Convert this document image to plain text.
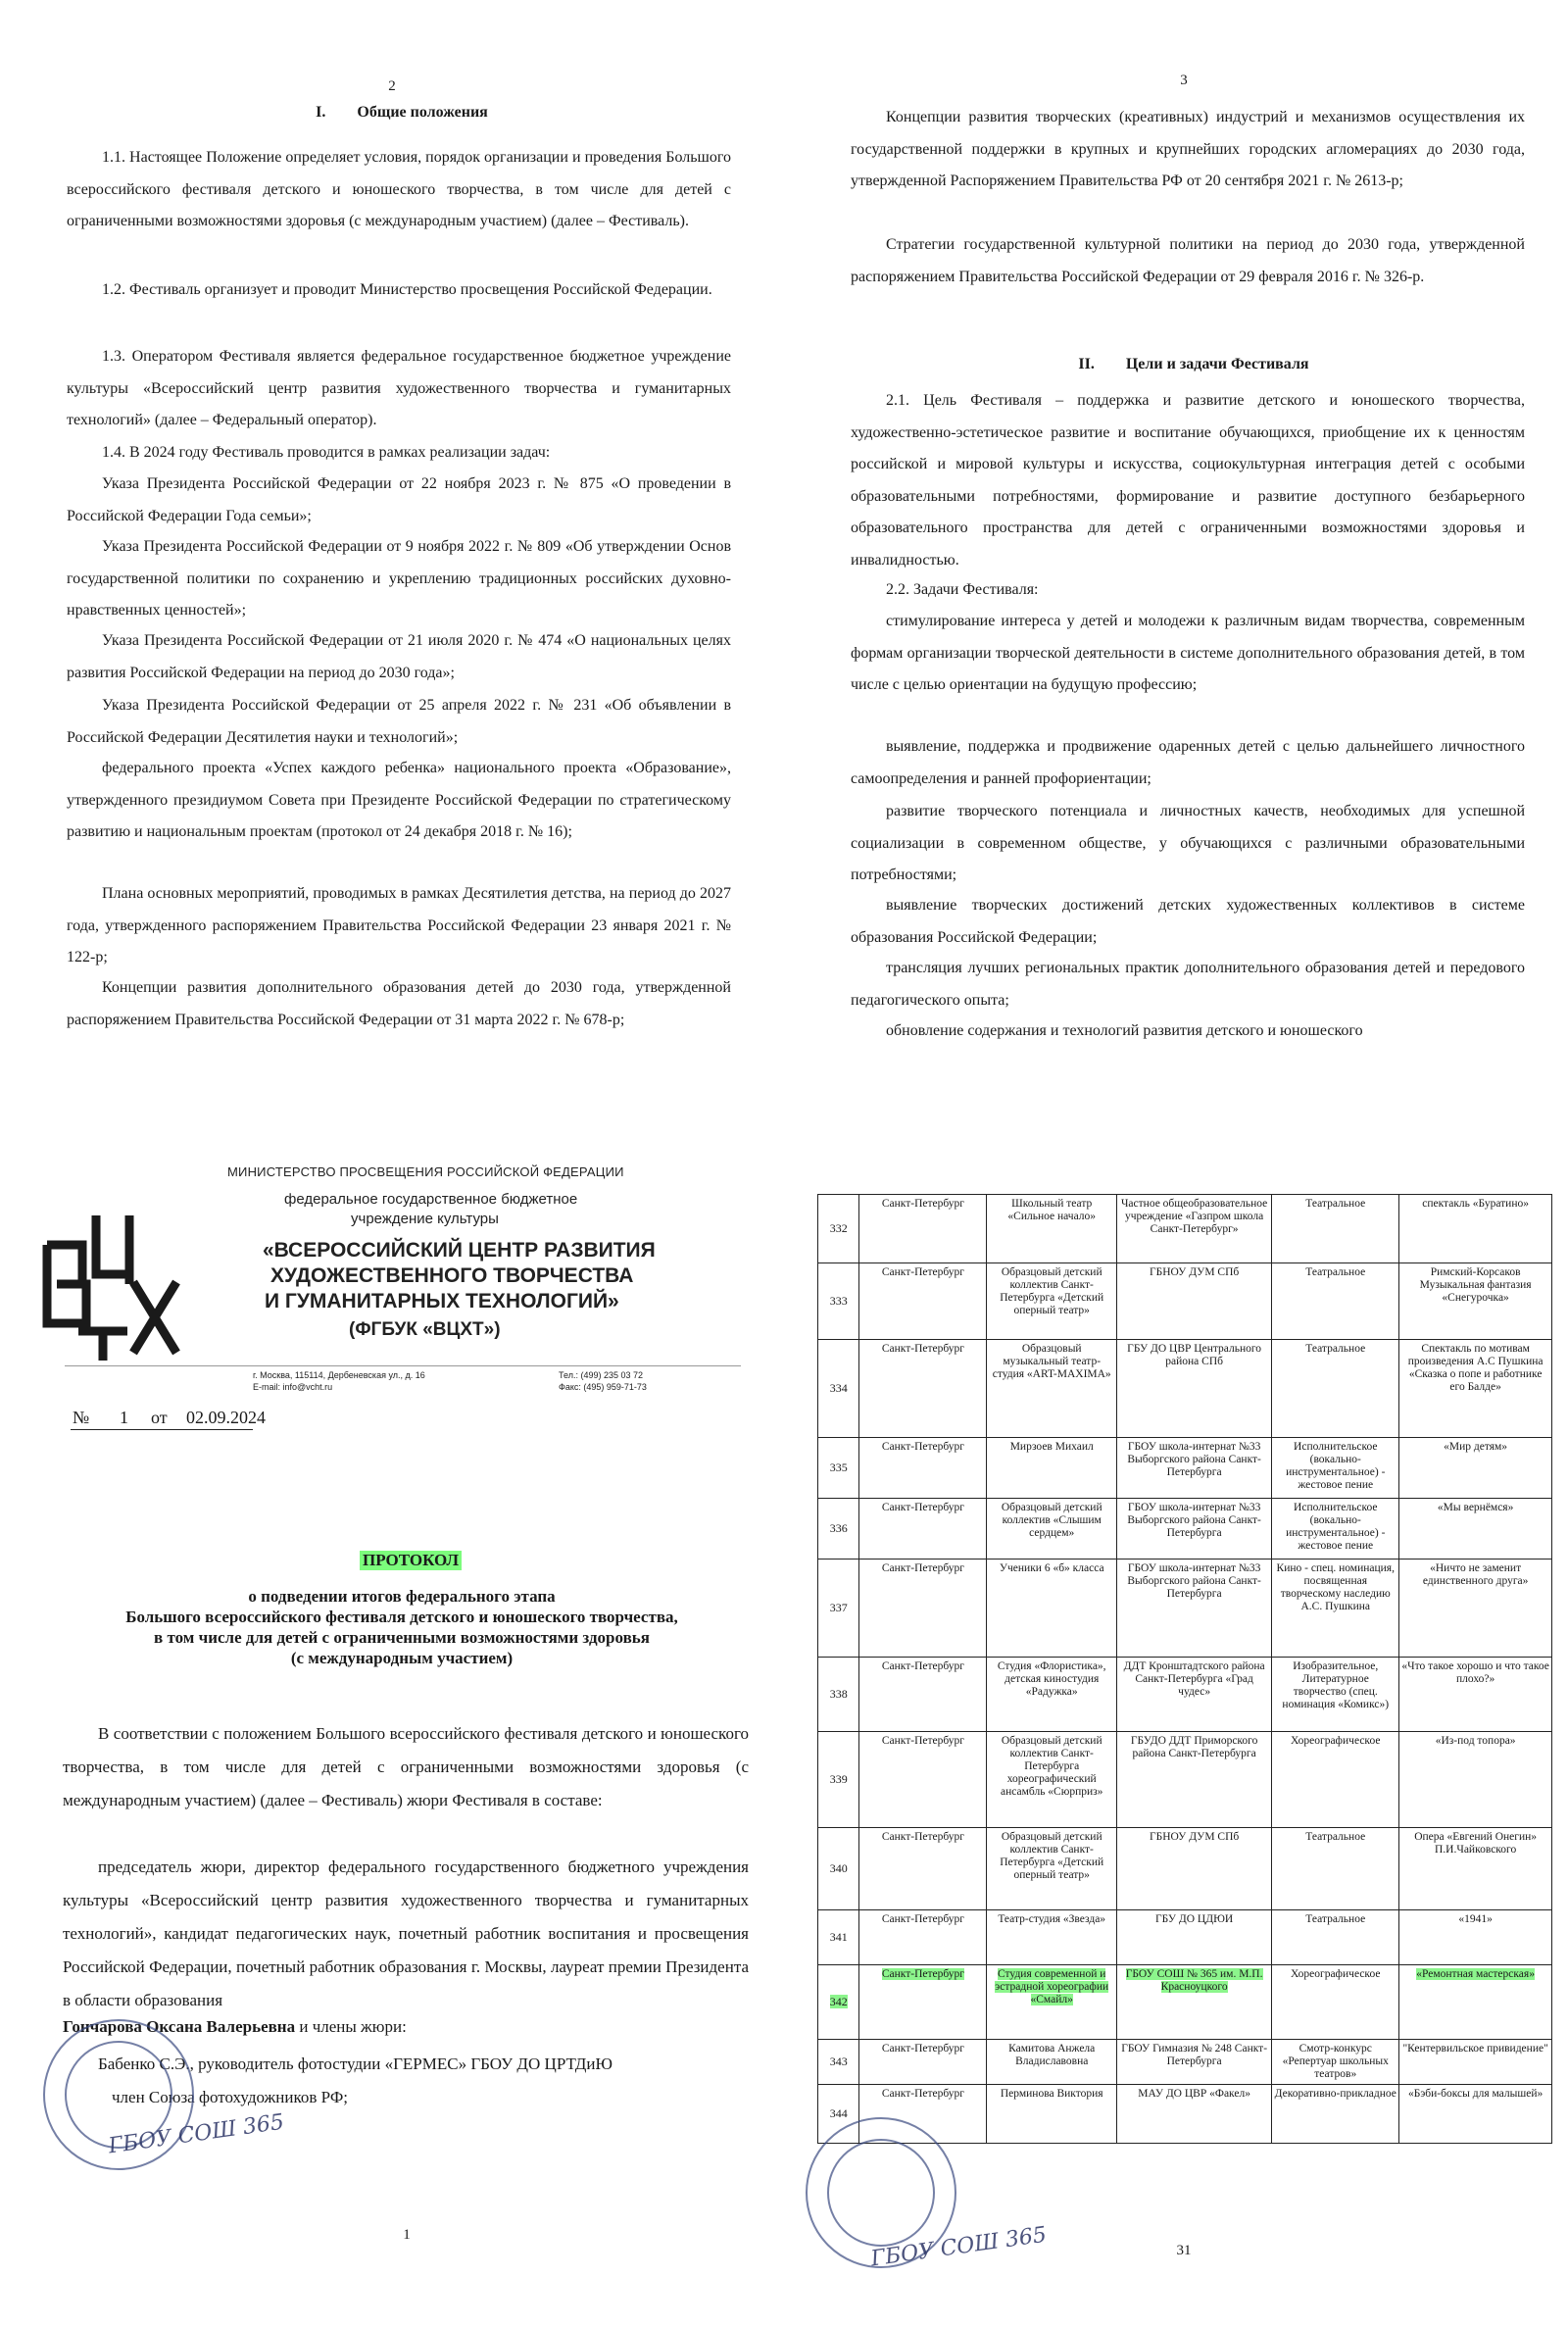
2
I.  Общие положения

1.1. Настоящее Положение определяет условия, порядок организации и проведения Большого всероссийского фестиваля детского и юношеского творчества, в том числе для детей с ограниченными возможностями здоровья (с международным участием) (далее – Фестиваль).

1.2. Фестиваль организует и проводит Министерство просвещения Российской Федерации.

1.3. Оператором Фестиваля является федеральное государственное бюджетное учреждение культуры «Всероссийский центр развития художественного творчества и гуманитарных технологий» (далее – Федеральный оператор).

1.4. В 2024 году Фестиваль проводится в рамках реализации задач:

Указа Президента Российской Федерации от 22 ноября 2023 г. № 875 «О проведении в Российской Федерации Года семьи»;

Указа Президента Российской Федерации от 9 ноября 2022 г. № 809 «Об утверждении Основ государственной политики по сохранению и укреплению традиционных российских духовно-нравственных ценностей»;

Указа Президента Российской Федерации от 21 июля 2020 г. № 474 «О национальных целях развития Российской Федерации на период до 2030 года»;

Указа Президента Российской Федерации от 25 апреля 2022 г. № 231 «Об объявлении в Российской Федерации Десятилетия науки и технологий»;

федерального проекта «Успех каждого ребенка» национального проекта «Образование», утвержденного президиумом Совета при Президенте Российской Федерации по стратегическому развитию и национальным проектам (протокол от 24 декабря 2018 г. № 16);

Плана основных мероприятий, проводимых в рамках Десятилетия детства, на период до 2027 года, утвержденного распоряжением Правительства Российской Федерации 23 января 2021 г. № 122-р;

Концепции развития дополнительного образования детей до 2030 года, утвержденной распоряжением Правительства Российской Федерации от 31 марта 2022 г. № 678-р;

3

Концепции развития творческих (креативных) индустрий и механизмов осуществления их государственной поддержки в крупных и крупнейших городских агломерациях до 2030 года, утвержденной Распоряжением Правительства РФ от 20 сентября 2021 г. № 2613-р;

Стратегии государственной культурной политики на период до 2030 года, утвержденной распоряжением Правительства Российской Федерации от 29 февраля 2016 г. № 326-р.

II.  Цели и задачи Фестиваля

2.1. Цель Фестиваля – поддержка и развитие детского и юношеского творчества, художественно-эстетическое развитие и воспитание обучающихся, приобщение их к ценностям российской и мировой культуры и искусства, социокультурная интеграция детей с особыми образовательными потребностями, формирование и развитие доступного безбарьерного образовательного пространства для детей с ограниченными возможностями здоровья и инвалидностью.

2.2. Задачи Фестиваля:

стимулирование интереса у детей и молодежи к различным видам творчества, современным формам организации творческой деятельности в системе дополнительного образования детей, в том числе с целью ориентации на будущую профессию;

выявление, поддержка и продвижение одаренных детей с целью дальнейшего личностного самоопределения и ранней профориентации;

развитие творческого потенциала и личностных качеств, необходимых для успешной социализации в современном обществе, у обучающихся с различными образовательными потребностями;

выявление творческих достижений детских художественных коллективов в системе образования Российской Федерации;

трансляция лучших региональных практик дополнительного образования детей и передового педагогического опыта;

обновление содержания и технологий развития детского и юношеского

МИНИСТЕРСТВО ПРОСВЕЩЕНИЯ РОССИЙСКОЙ ФЕДЕРАЦИИ
федеральное государственное бюджетное
учреждение культуры
«ВСЕРОССИЙСКИЙ ЦЕНТР РАЗВИТИЯ
ХУДОЖЕСТВЕННОГО ТВОРЧЕСТВА
И ГУМАНИТАРНЫХ ТЕХНОЛОГИЙ»
(ФГБУК «ВЦХТ»)
г. Москва, 115114, Дербеневская ул., д. 16
E-mail: info@vcht.ru
Тел.: (499) 235 03 72
Факс: (495) 959-71-73
№ 1 от 02.09.2024
ПРОТОКОЛ
о подведении итогов федерального этапа
Большого всероссийского фестиваля детского и юношеского творчества,
в том числе для детей с ограниченными возможностями здоровья
(с международным участием)

В соответствии с положением Большого всероссийского фестиваля детского и юношеского творчества, в том числе для детей с ограниченными возможностями здоровья (с международным участием) (далее – Фестиваль) жюри Фестиваля в составе:

председатель жюри, директор федерального государственного бюджетного учреждения культуры «Всероссийский центр развития художественного творчества и гуманитарных технологий», кандидат педагогических наук, почетный работник воспитания и просвещения Российской Федерации, почетный работник образования г. Москвы, лауреат премии Президента в области образования

Гончарова Оксана Валерьевна и члены жюри:
Бабенко С.Э., руководитель фотостудии «ГЕРМЕС» ГБОУ ДО ЦРТДиЮ
член Союза фотохудожников РФ;
ГБОУ СОШ 365
1
332	Санкт-Петербург	Школьный театр «Сильное начало»	Частное общеобразовательное учреждение «Газпром школа Санкт-Петербург»	Театральное	спектакль «Буратино»
333	Санкт-Петербург	Образцовый детский коллектив Санкт-Петербурга «Детский оперный театр»	ГБНОУ ДУМ СПб	Театральное	Римский-Корсаков Музыкальная фантазия «Снегурочка»
334	Санкт-Петербург	Образцовый музыкальный театр-студия «ART-MAXIMA»	ГБУ ДО ЦВР Центрального района СПб	Театральное	Спектакль по мотивам произведения А.С Пушкина «Сказка о попе и работнике его Балде»
335	Санкт-Петербург	Мирзоев Михаил	ГБОУ школа-интернат №33 Выборгского района Санкт-Петербурга	Исполнительское (вокально-инструментальное) - жестовое пение	«Мир детям»
336	Санкт-Петербург	Образцовый детский коллектив «Слышим сердцем»	ГБОУ школа-интернат №33 Выборгского района Санкт-Петербурга	Исполнительское (вокально-инструментальное) - жестовое пение	«Мы вернёмся»
337	Санкт-Петербург	Ученики 6 «б» класса	ГБОУ школа-интернат №33 Выборгского района Санкт-Петербурга	Кино - спец. номинация, посвященная творческому наследию А.С. Пушкина	«Ничто не заменит единственного друга»
338	Санкт-Петербург	Студия «Флористика», детская киностудия «Радужка»	ДДТ Кронштадтского района Санкт-Петербурга «Град чудес»	Изобразительное, Литературное творчество (спец. номинация «Комикс»)	«Что такое хорошо и что такое плохо?»
339	Санкт-Петербург	Образцовый детский коллектив Санкт-Петербурга хореографический ансамбль «Сюрприз»	ГБУДО ДДТ Приморского района Санкт-Петербурга	Хореографическое	«Из-под топора»
340	Санкт-Петербург	Образцовый детский коллектив Санкт-Петербурга «Детский оперный театр»	ГБНОУ ДУМ СПб	Театральное	Опера «Евгений Онегин» П.И.Чайковского
341	Санкт-Петербург	Театр-студия «Звезда»	ГБУ ДО ЦДЮИ	Театральное	«1941»
342	Санкт-Петербург	Студия современной и эстрадной хореографии «Смайл»	ГБОУ СОШ № 365 им. М.П. Красноуцкого	Хореографическое	«Ремонтная мастерская»
343	Санкт-Петербург	Камитова Анжела Владиславовна	ГБОУ Гимназия № 248 Санкт-Петербурга	Смотр-конкурс «Репертуар школьных театров»	"Кентервильское привидение"
344	Санкт-Петербург	Перминова Виктория	МАУ ДО ЦВР «Факел»	Декоративно-прикладное	«Бэби-боксы для малышей»
ГБОУ СОШ 365	31
